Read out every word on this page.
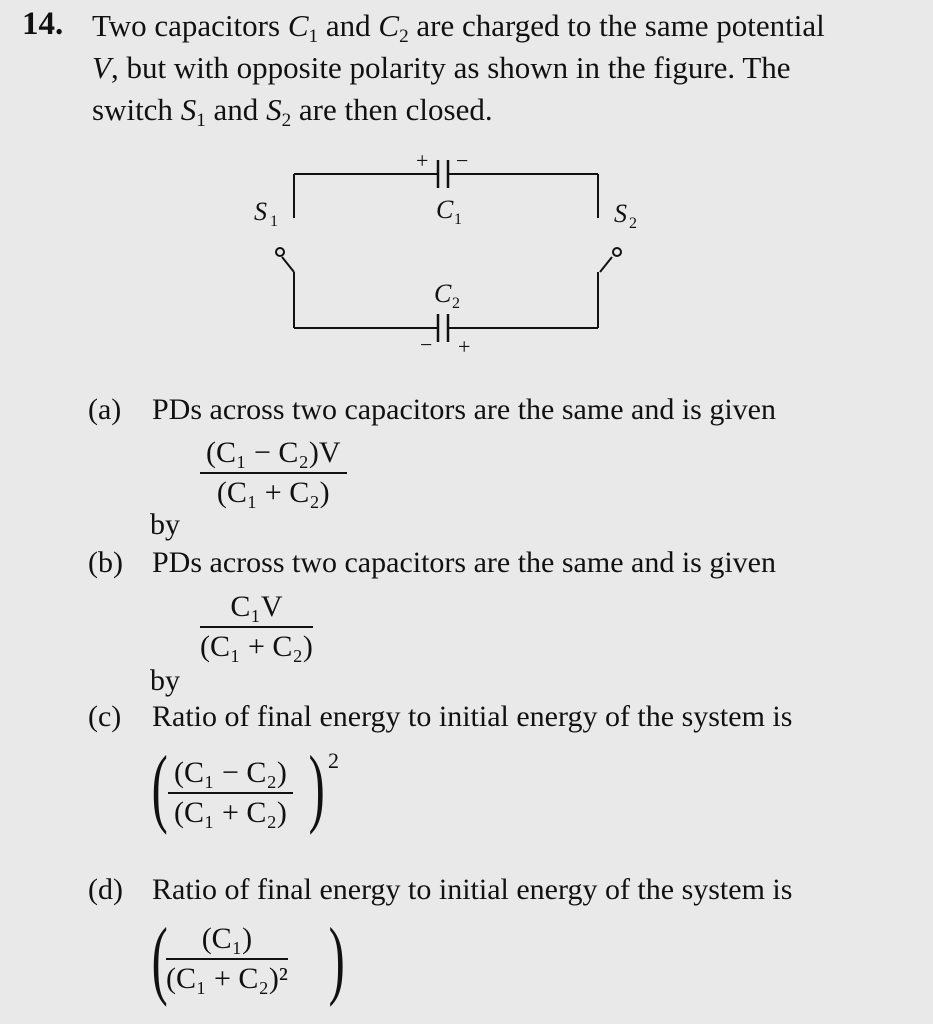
14. Two capacitors $C_1$ and $C_2$ are charged to the same potential
V, but with opposite polarity as shown in the figure. The
switch $S_1$ and $S_2$ are then closed.
+ −
C 1
C 2
− +
S 1	S 2
(a) PDs across two capacitors are the same and is given
(C₁ − C₂)V
(C₁ + C₂)
by
(b) PDs across two capacitors are the same and is given
C₁V
(C₁ + C₂)
by
(c) Ratio of final energy to initial energy of the system is
( (C₁ − C₂)
(C₁ + C₂) ) 2
(d) Ratio of final energy to initial energy of the system is
(	(C₁)
(C₁ + C₂)² )
